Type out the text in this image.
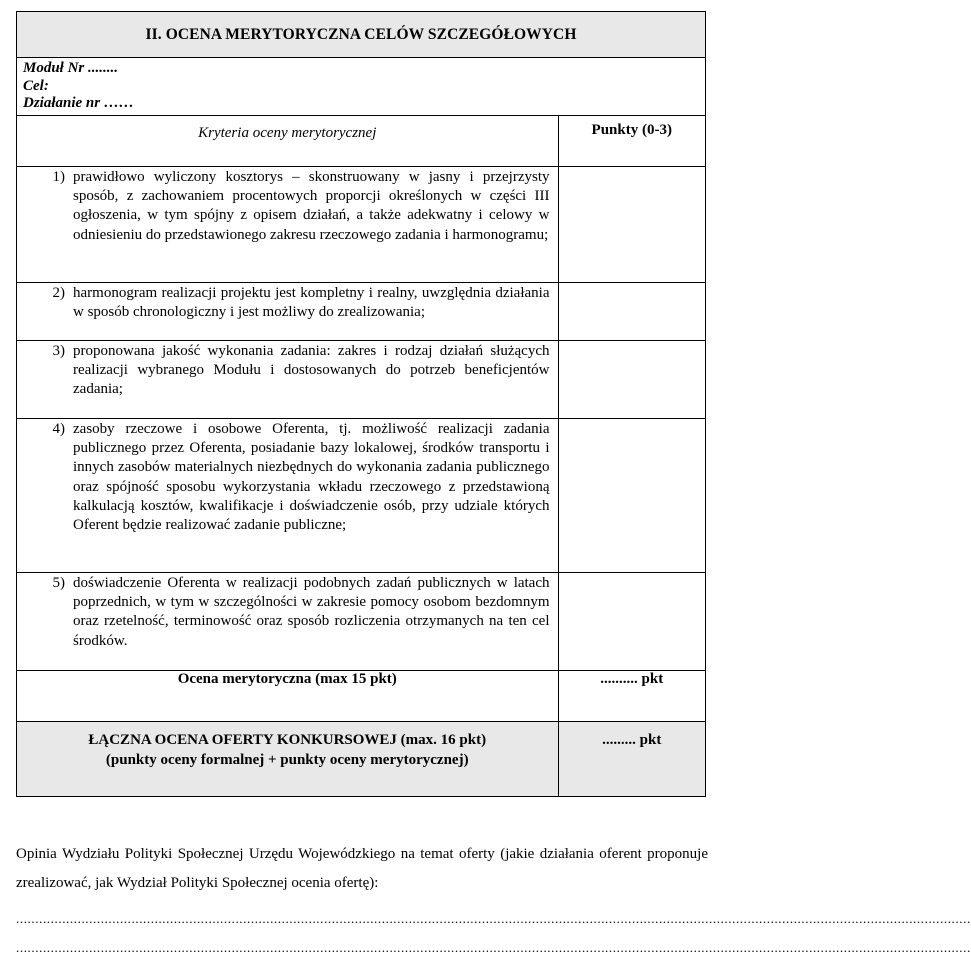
II. OCENA MERYTORYCZNA CELÓW SZCZEGÓŁOWYCH
Moduł Nr ........
Cel:
Działanie nr ……
Kryteria oceny merytorycznej	Punkty (0-3)

1) prawidłowo wyliczony kosztorys – skonstruowany w jasny i przejrzysty sposób, z zachowaniem procentowych proporcji określonych w części III ogłoszenia, w tym spójny z opisem działań, a także adekwatny i celowy w odniesieniu do przedstawionego zakresu rzeczowego zadania i harmonogramu;	

2) harmonogram realizacji projektu jest kompletny i realny, uwzględnia działania w sposób chronologiczny i jest możliwy do zrealizowania;	

3) proponowana jakość wykonania zadania: zakres i rodzaj działań służących realizacji wybranego Modułu i dostosowanych do potrzeb beneficjentów zadania;	

4) zasoby rzeczowe i osobowe Oferenta, tj. możliwość realizacji zadania publicznego przez Oferenta, posiadanie bazy lokalowej, środków transportu i innych zasobów materialnych niezbędnych do wykonania zadania publicznego oraz spójność sposobu wykorzystania wkładu rzeczowego z przedstawioną kalkulacją kosztów, kwalifikacje i doświadczenie osób, przy udziale których Oferent będzie realizować zadanie publiczne;	

5) doświadczenie Oferenta w realizacji podobnych zadań publicznych w latach poprzednich, w tym w szczególności w zakresie pomocy osobom bezdomnym oraz rzetelność, terminowość oraz sposób rozliczenia otrzymanych na ten cel środków.	

Ocena merytoryczna (max 15 pkt)	.......... pkt

ŁĄCZNA OCENA OFERTY KONKURSOWEJ (max. 16 pkt)
(punkty oceny formalnej + punkty oceny merytorycznej)	......... pkt
Opinia Wydziału Polityki Społecznej Urzędu Wojewódzkiego na temat oferty (jakie działania oferent proponuje zrealizować, jak Wydział Polityki Społecznej ocenia ofertę):
........................................................................................................................................................................................................................................................
........................................................................................................................................................................................................................................................
